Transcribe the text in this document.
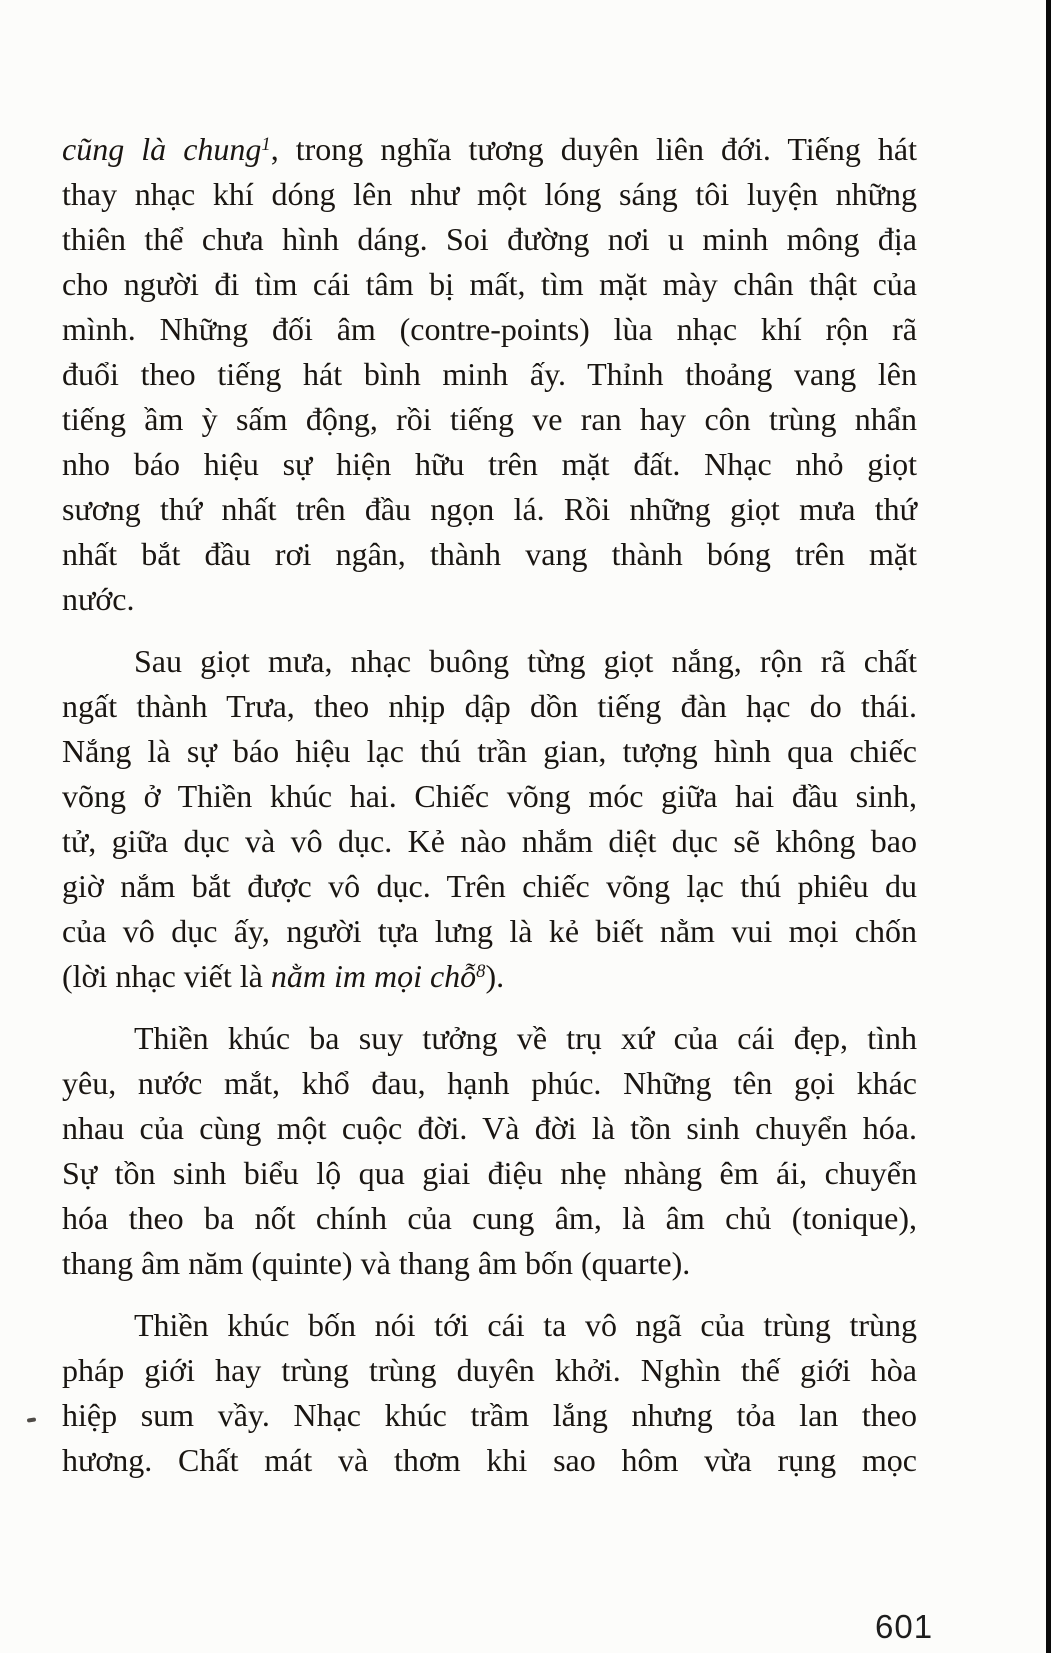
cũng là chung$^1$, trong nghĩa tương duyên liên đới. Tiếng hát
thay nhạc khí dóng lên như một lóng sáng tôi luyện những
thiên thể chưa hình dáng. Soi đường nơi u minh mông địa
cho người đi tìm cái tâm bị mất, tìm mặt mày chân thật của
mình. Những đối âm (contre-points) lùa nhạc khí rộn rã
đuổi theo tiếng hát bình minh ấy. Thỉnh thoảng vang lên
tiếng ầm ỳ sấm động, rồi tiếng ve ran hay côn trùng nhẩn
nho báo hiệu sự hiện hữu trên mặt đất. Nhạc nhỏ giọt
sương thứ nhất trên đầu ngọn lá. Rồi những giọt mưa thứ
nhất bắt đầu rơi ngân, thành vang thành bóng trên mặt
nước.
Sau giọt mưa, nhạc buông từng giọt nắng, rộn rã chất
ngất thành Trưa, theo nhịp dập dồn tiếng đàn hạc do thái.
Nắng là sự báo hiệu lạc thú trần gian, tượng hình qua chiếc
võng ở Thiền khúc hai. Chiếc võng móc giữa hai đầu sinh,
tử, giữa dục và vô dục. Kẻ nào nhắm diệt dục sẽ không bao
giờ nắm bắt được vô dục. Trên chiếc võng lạc thú phiêu du
của vô dục ấy, người tựa lưng là kẻ biết nằm vui mọi chốn
(lời nhạc viết là nằm im mọi chỗ$^8$).
Thiền khúc ba suy tưởng về trụ xứ của cái đẹp, tình
yêu, nước mắt, khổ đau, hạnh phúc. Những tên gọi khác
nhau của cùng một cuộc đời. Và đời là tồn sinh chuyển hóa.
Sự tồn sinh biểu lộ qua giai điệu nhẹ nhàng êm ái, chuyển
hóa theo ba nốt chính của cung âm, là âm chủ (tonique),
thang âm năm (quinte) và thang âm bốn (quarte).
Thiền khúc bốn nói tới cái ta vô ngã của trùng trùng
pháp giới hay trùng trùng duyên khởi. Nghìn thế giới hòa
hiệp sum vầy. Nhạc khúc trầm lắng nhưng tỏa lan theo
hương. Chất mát và thơm khi sao hôm vừa rụng mọc
601
